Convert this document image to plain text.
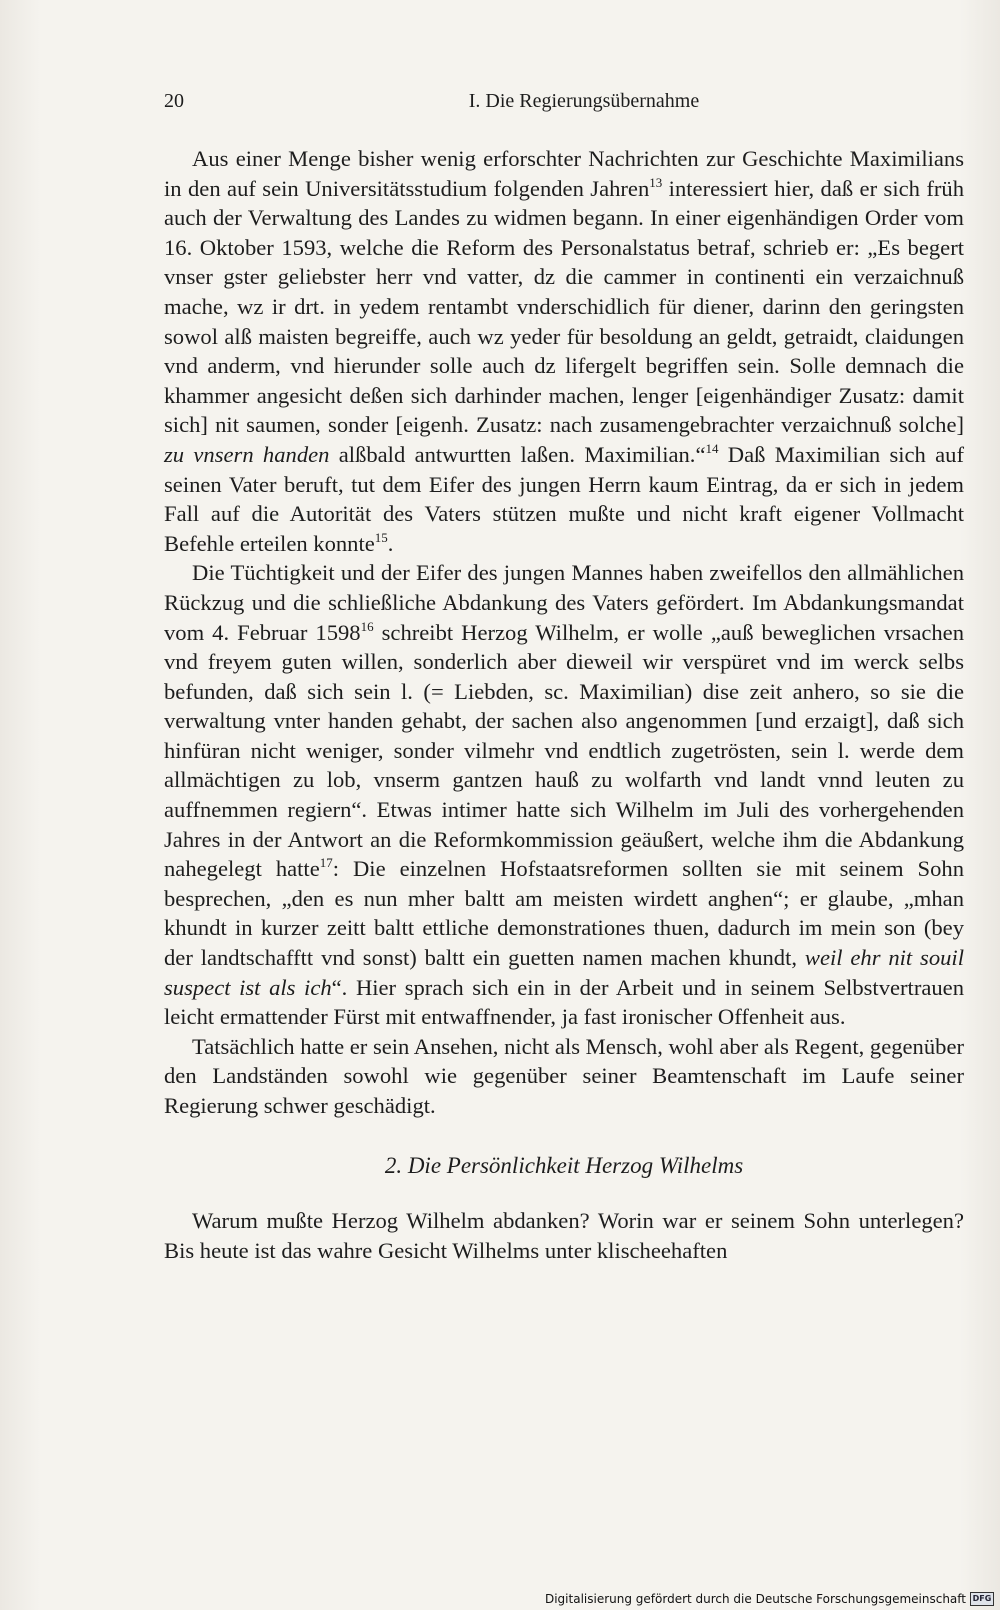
20	I. Die Regierungsübernahme

Aus einer Menge bisher wenig erforschter Nachrichten zur Geschichte Maximilians in den auf sein Universitätsstudium folgenden Jahren$^{13}$ interessiert hier, daß er sich früh auch der Verwaltung des Landes zu widmen begann. In einer eigenhändigen Order vom 16. Oktober 1593, welche die Reform des Personalstatus betraf, schrieb er: „Es begert vnser gster geliebster herr vnd vatter, dz die cammer in continenti ein verzaichnuß mache, wz ir drt. in yedem rentambt vnderschidlich für diener, darinn den geringsten sowol alß maisten begreiffe, auch wz yeder für besoldung an geldt, getraidt, claidungen vnd anderm, vnd hierunder solle auch dz lifergelt begriffen sein. Solle demnach die khammer angesicht deßen sich darhinder machen, lenger [eigenhändiger Zusatz: damit sich] nit saumen, sonder [eigenh. Zusatz: nach zusamengebrachter verzaichnuß solche] zu vnsern handen alßbald antwurtten laßen. Maximilian.“$^{14}$ Daß Maximilian sich auf seinen Vater beruft, tut dem Eifer des jungen Herrn kaum Eintrag, da er sich in jedem Fall auf die Autorität des Vaters stützen mußte und nicht kraft eigener Vollmacht Befehle erteilen konnte$^{15}$.

Die Tüchtigkeit und der Eifer des jungen Mannes haben zweifellos den allmählichen Rückzug und die schließliche Abdankung des Vaters gefördert. Im Abdankungsmandat vom 4. Februar 1598$^{16}$ schreibt Herzog Wilhelm, er wolle „auß beweglichen vrsachen vnd freyem guten willen, sonderlich aber dieweil wir verspüret vnd im werck selbs befunden, daß sich sein l. (= Liebden, sc. Maximilian) dise zeit anhero, so sie die verwaltung vnter handen gehabt, der sachen also angenommen [und erzaigt], daß sich hinfüran nicht weniger, sonder vilmehr vnd endtlich zugetrösten, sein l. werde dem allmächtigen zu lob, vnserm gantzen hauß zu wolfarth vnd landt vnnd leuten zu auffnemmen regiern“. Etwas intimer hatte sich Wilhelm im Juli des vorhergehenden Jahres in der Antwort an die Reformkommission geäußert, welche ihm die Abdankung nahegelegt hatte$^{17}$: Die einzelnen Hofstaatsreformen sollten sie mit seinem Sohn besprechen, „den es nun mher baltt am meisten wirdett anghen“; er glaube, „mhan khundt in kurzer zeitt baltt ettliche demonstrationes thuen, dadurch im mein son (bey der landtschafftt vnd sonst) baltt ein guetten namen machen khundt, weil ehr nit souil suspect ist als ich“. Hier sprach sich ein in der Arbeit und in seinem Selbstvertrauen leicht ermattender Fürst mit entwaffnender, ja fast ironischer Offenheit aus.

Tatsächlich hatte er sein Ansehen, nicht als Mensch, wohl aber als Regent, gegenüber den Landständen sowohl wie gegenüber seiner Beamtenschaft im Laufe seiner Regierung schwer geschädigt.

2. Die Persönlichkeit Herzog Wilhelms

Warum mußte Herzog Wilhelm abdanken? Worin war er seinem Sohn unterlegen? Bis heute ist das wahre Gesicht Wilhelms unter klischeehaften

Digitalisierung gefördert durch die Deutsche Forschungsgemeinschaft DFG
